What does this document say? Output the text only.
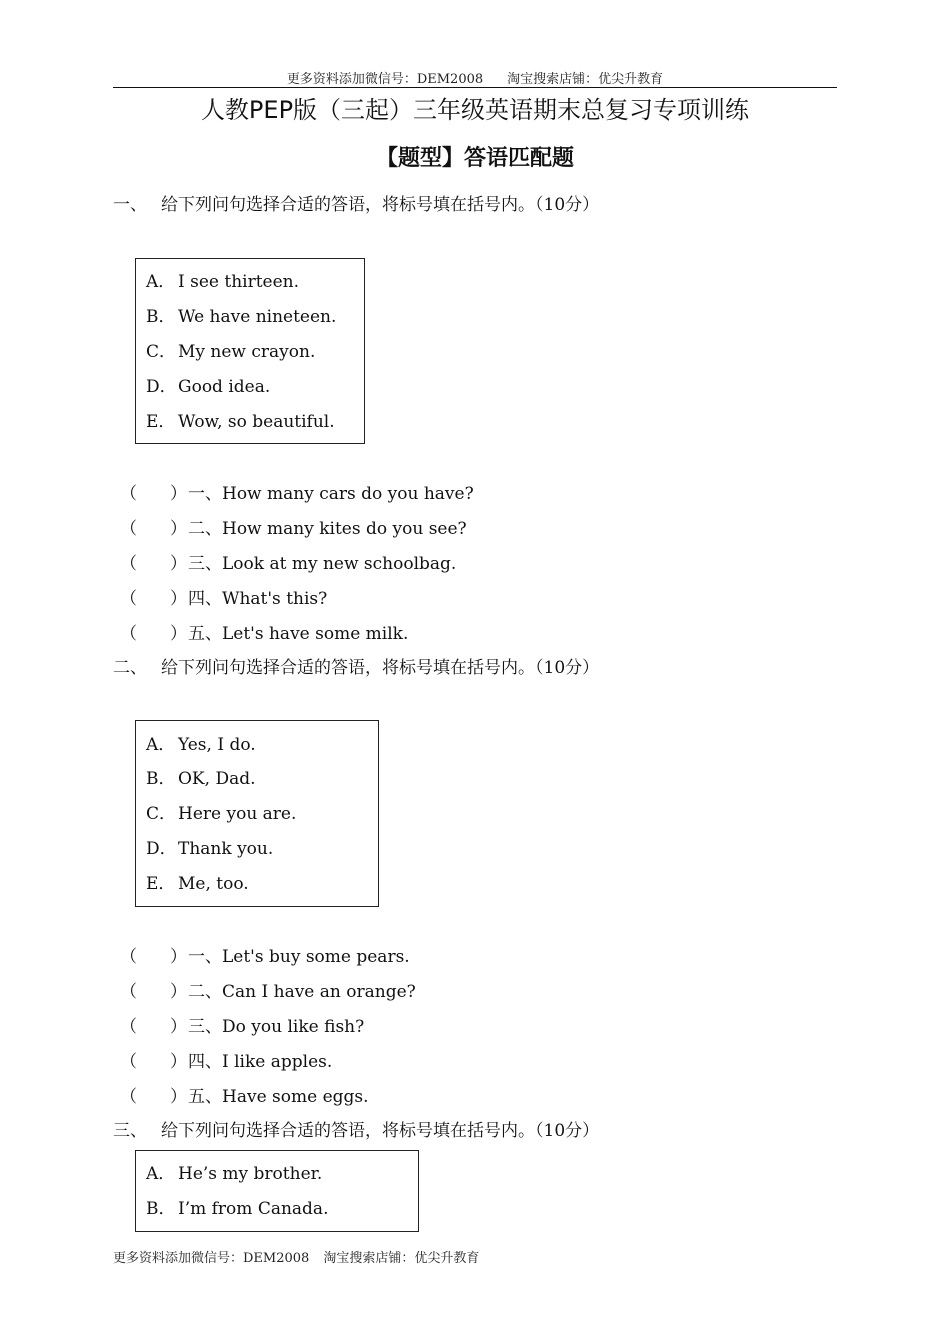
更多资料添加微信号：DEM2008 淘宝搜索店铺：优尖升教育
人教PEP版（三起）三年级英语期末总复习专项训练
【题型】答语匹配题
一、 给下列问句选择合适的答语，将标号填在括号内。（10分）
A． I see thirteen.
B． We have nineteen.
C． My new crayon.
D．Good idea.
E． Wow, so beautiful.
（ ）一、How many cars do you have?
（ ）二、How many kites do you see?
（ ）三、Look at my new schoolbag.
（ ）四、What's this?
（ ）五、Let's have some milk.
二、 给下列问句选择合适的答语，将标号填在括号内。（10分）
A． Yes, I do.
B． OK, Dad.
C． Here you are.
D．Thank you.
E． Me, too.
（ ）一、Let's buy some pears.
（ ）二、Can I have an orange?
（ ）三、Do you like fish?
（ ）四、I like apples.
（ ）五、Have some eggs.
三、 给下列问句选择合适的答语，将标号填在括号内。（10分）
A． He’s my brother.
B． I’m from Canada.
更多资料添加微信号：DEM2008 淘宝搜索店铺：优尖升教育
